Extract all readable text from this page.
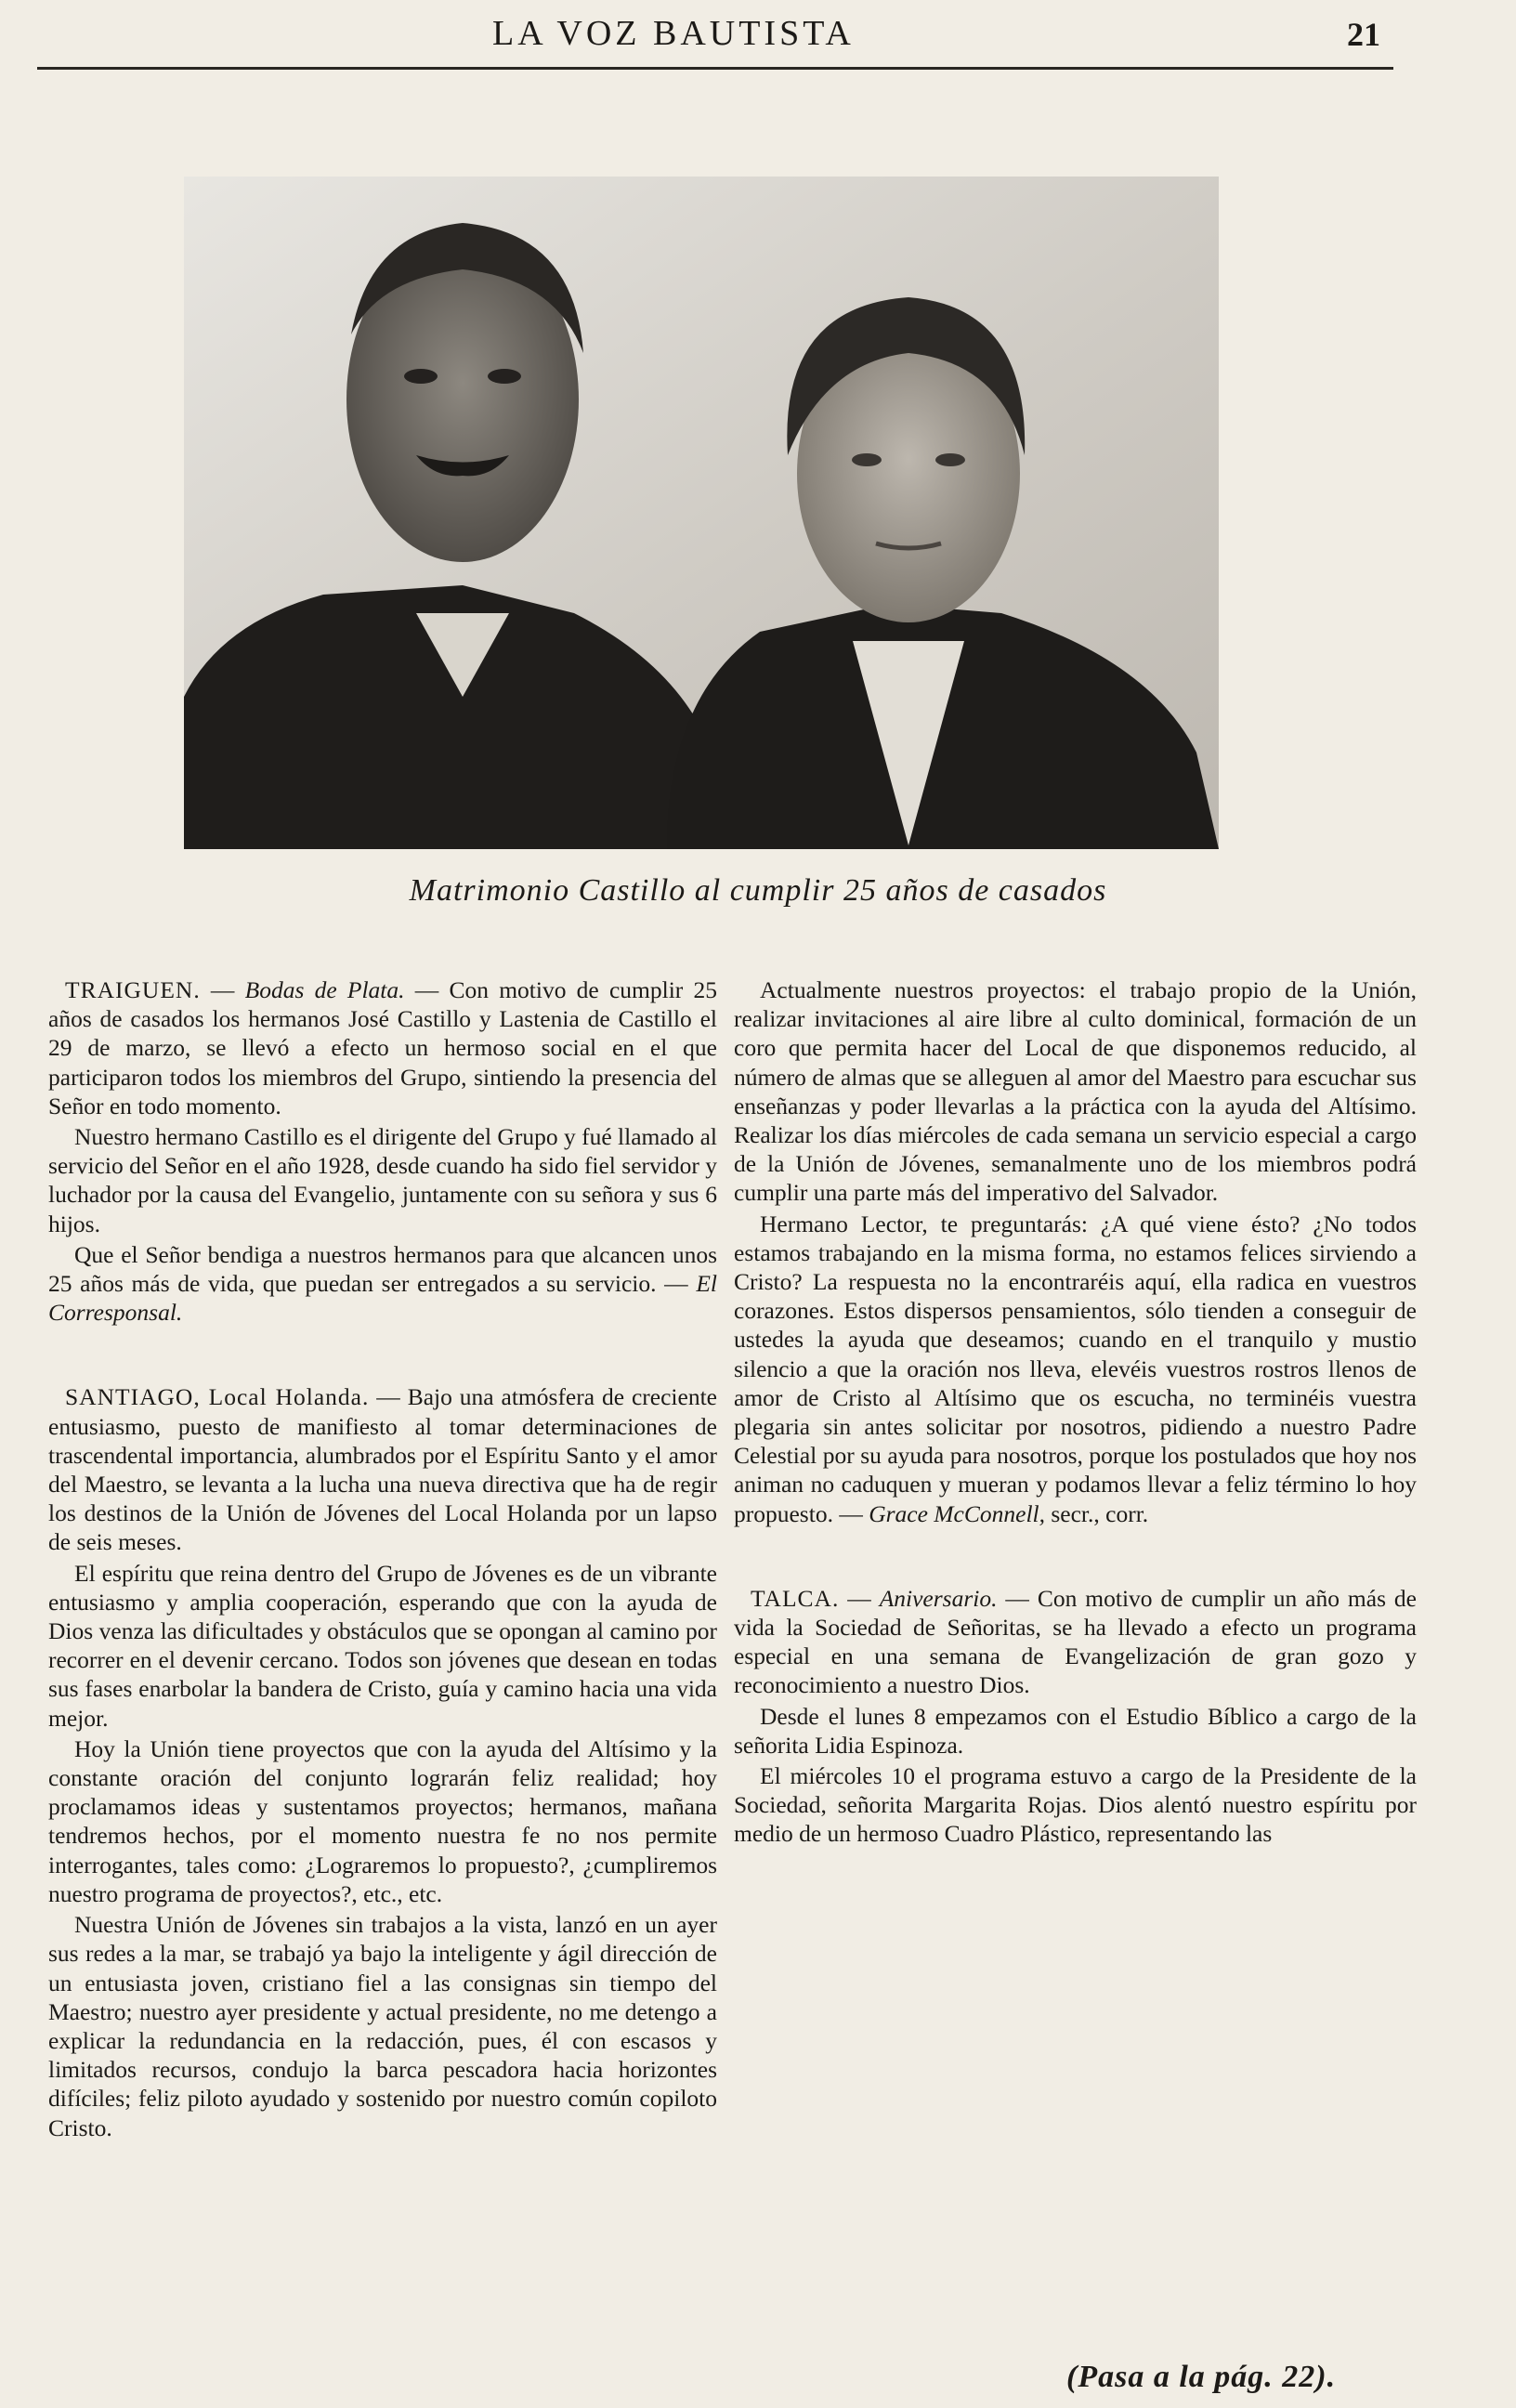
LA VOZ BAUTISTA	21
Matrimonio Castillo al cumplir 25 años de casados

TRAIGUEN. — Bodas de Plata. — Con motivo de cumplir 25 años de casados los hermanos José Castillo y Lastenia de Castillo el 29 de marzo, se llevó a efecto un hermoso social en el que participaron todos los miembros del Grupo, sintiendo la presencia del Señor en todo momento.

Nuestro hermano Castillo es el dirigente del Grupo y fué llamado al servicio del Señor en el año 1928, desde cuando ha sido fiel servidor y luchador por la causa del Evangelio, juntamente con su señora y sus 6 hijos.

Que el Señor bendiga a nuestros hermanos para que alcancen unos 25 años más de vida, que puedan ser entregados a su servicio. — El Corresponsal.

SANTIAGO, Local Holanda. — Bajo una atmósfera de creciente entusiasmo, puesto de manifiesto al tomar determinaciones de trascendental importancia, alumbrados por el Espíritu Santo y el amor del Maestro, se levanta a la lucha una nueva directiva que ha de regir los destinos de la Unión de Jóvenes del Local Holanda por un lapso de seis meses.

El espíritu que reina dentro del Grupo de Jóvenes es de un vibrante entusiasmo y amplia cooperación, esperando que con la ayuda de Dios venza las dificultades y obstáculos que se opongan al camino por recorrer en el devenir cercano. Todos son jóvenes que desean en todas sus fases enarbolar la bandera de Cristo, guía y camino hacia una vida mejor.

Hoy la Unión tiene proyectos que con la ayuda del Altísimo y la constante oración del conjunto lograrán feliz realidad; hoy proclamamos ideas y sustentamos proyectos; hermanos, mañana tendremos hechos, por el momento nuestra fe no nos permite interrogantes, tales como: ¿Lograremos lo propuesto?, ¿cumpliremos nuestro programa de proyectos?, etc., etc.

Nuestra Unión de Jóvenes sin trabajos a la vista, lanzó en un ayer sus redes a la mar, se trabajó ya bajo la inteligente y ágil dirección de un entusiasta joven, cristiano fiel a las consignas sin tiempo del Maestro; nuestro ayer presidente y actual presidente, no me detengo a explicar la redundancia en la redacción, pues, él con escasos y limitados recursos, condujo la barca pescadora hacia horizontes difíciles; feliz piloto ayudado y sostenido por nuestro común copiloto Cristo.

Actualmente nuestros proyectos: el trabajo propio de la Unión, realizar invitaciones al aire libre al culto dominical, formación de un coro que permita hacer del Local de que disponemos reducido, al número de almas que se alleguen al amor del Maestro para escuchar sus enseñanzas y poder llevarlas a la práctica con la ayuda del Altísimo. Realizar los días miércoles de cada semana un servicio especial a cargo de la Unión de Jóvenes, semanalmente uno de los miembros podrá cumplir una parte más del imperativo del Salvador.

Hermano Lector, te preguntarás: ¿A qué viene ésto? ¿No todos estamos trabajando en la misma forma, no estamos felices sirviendo a Cristo? La respuesta no la encontraréis aquí, ella radica en vuestros corazones. Estos dispersos pensamientos, sólo tienden a conseguir de ustedes la ayuda que deseamos; cuando en el tranquilo y mustio silencio a que la oración nos lleva, elevéis vuestros rostros llenos de amor de Cristo al Altísimo que os escucha, no terminéis vuestra plegaria sin antes solicitar por nosotros, pidiendo a nuestro Padre Celestial por su ayuda para nosotros, porque los postulados que hoy nos animan no caduquen y mueran y podamos llevar a feliz término lo hoy propuesto. — Grace McConnell, secr., corr.

TALCA. — Aniversario. — Con motivo de cumplir un año más de vida la Sociedad de Señoritas, se ha llevado a efecto un programa especial en una semana de Evangelización de gran gozo y reconocimiento a nuestro Dios.

Desde el lunes 8 empezamos con el Estudio Bíblico a cargo de la señorita Lidia Espinoza.

El miércoles 10 el programa estuvo a cargo de la Presidente de la Sociedad, señorita Margarita Rojas. Dios alentó nuestro espíritu por medio de un hermoso Cuadro Plástico, representando las

(Pasa a la pág. 22).
